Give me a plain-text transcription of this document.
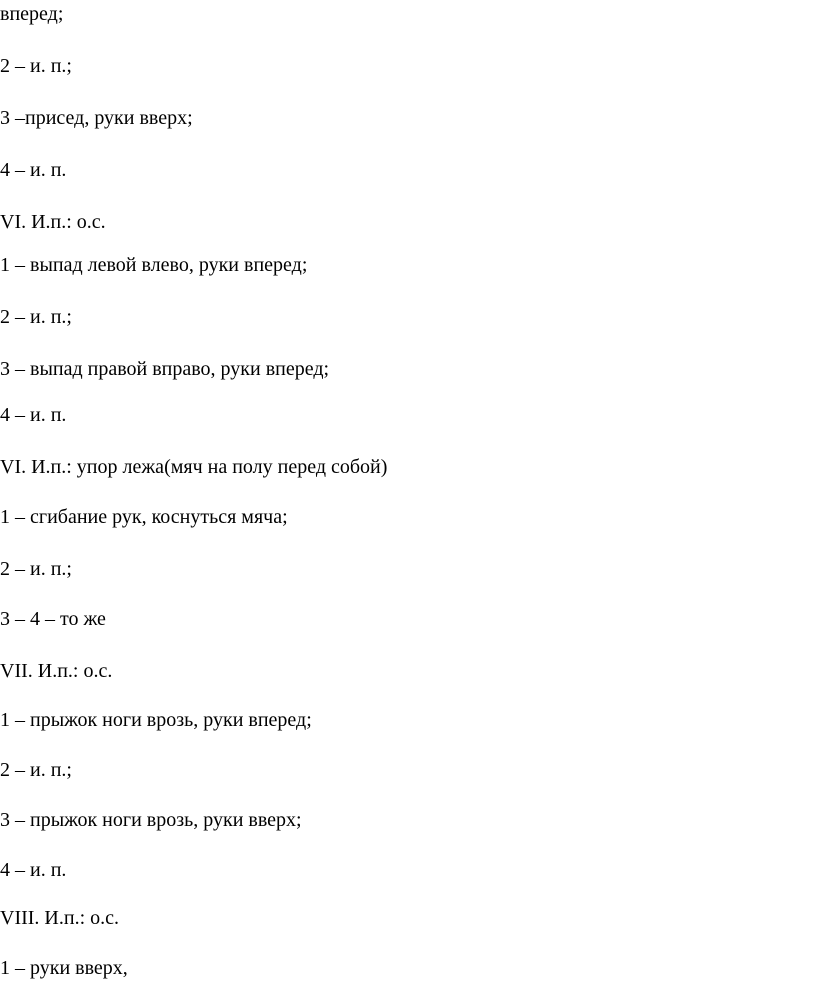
вперед;

2 – и. п.;

3 –присед, руки вверх;

4 – и. п.

VI. И.п.: о.с.

1 – выпад левой влево, руки вперед;

2 – и. п.;

3 – выпад правой вправо, руки вперед;

4 – и. п.

VI. И.п.: упор лежа(мяч на полу перед собой)

1 – сгибание рук, коснуться мяча;

2 – и. п.;

3 – 4 – то же

VII. И.п.: о.с.

1 – прыжок ноги врозь, руки вперед;

2 – и. п.;

3 – прыжок ноги врозь, руки вверх;

4 – и. п.

VIII. И.п.: о.с.

1 – руки вверх,
